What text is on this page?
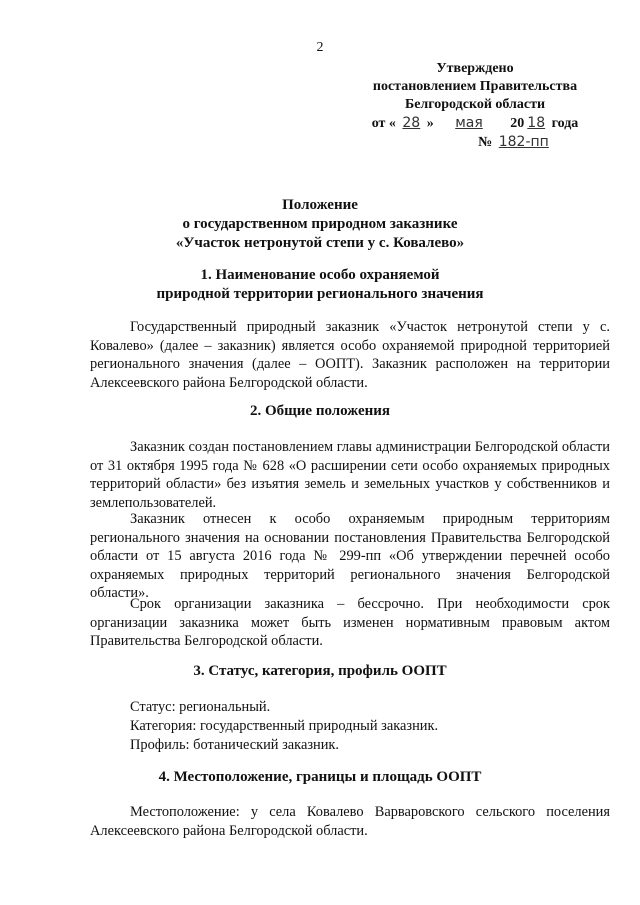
2
Утверждено
постановлением Правительства
Белгородской области
от « 28 » мая 20 18 года
№ 182-пп
Положение
о государственном природном заказнике
«Участок нетронутой степи у с. Ковалево»
1. Наименование особо охраняемой
природной территории регионального значения
Государственный природный заказник «Участок нетронутой степи у с. Ковалево» (далее – заказник) является особо охраняемой природной территорией регионального значения (далее – ООПТ). Заказник расположен на территории Алексеевского района Белгородской области.
2. Общие положения
Заказник создан постановлением главы администрации Белгородской области от 31 октября 1995 года № 628 «О расширении сети особо охраняемых природных территорий области» без изъятия земель и земельных участков у собственников и землепользователей.
Заказник отнесен к особо охраняемым природным территориям регионального значения на основании постановления Правительства Белгородской области от 15 августа 2016 года № 299-пп «Об утверждении перечней особо охраняемых природных территорий регионального значения Белгородской области».
Срок организации заказника – бессрочно. При необходимости срок организации заказника может быть изменен нормативным правовым актом Правительства Белгородской области.
3. Статус, категория, профиль ООПТ
Статус: региональный.
Категория: государственный природный заказник.
Профиль: ботанический заказник.
4. Местоположение, границы и площадь ООПТ
Местоположение: у села Ковалево Варваровского сельского поселения Алексеевского района Белгородской области.
